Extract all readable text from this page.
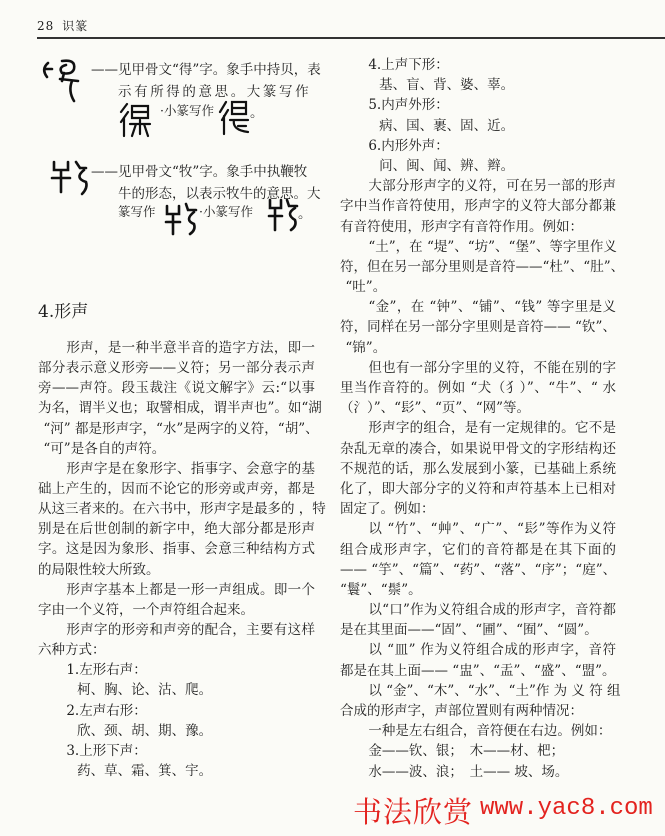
28 识篆
——见甲骨文“得”字。象手中持贝，表
示有所得的意思。大篆写作
·小篆写作	。
——见甲骨文“牧”字。象手中执鞭牧
牛的形态，以表示牧牛的意思。大
篆写作	·小篆写作	。
4.形声
形声，是一种半意半音的造字方法，即一
部分表示意义形旁——义符；另一部分表示声
旁——声符。段玉裁注《说文解字》云:“以事
为名，谓半义也；取譬相成，谓半声也”。如“湖
“河” 都是形声字，“水”是两字的义符，“胡”、
“可”是各自的声符。
形声字是在象形字、指事字、会意字的基
础上产生的，因而不论它的形旁或声旁，都是
从这三者来的。在六书中，形声字是最多的 ，特
别是在后世创制的新字中，绝大部分都是形声
字。这是因为象形、指事、会意三种结构方式
的局限性较大所致。
形声字基本上都是一形一声组成。即一个
字由一个义符，一个声符组合起来。
形声字的形旁和声旁的配合，主要有这样
六种方式：
1.左形右声：
柯、胸、论、沽、爬。
2.左声右形：
欣、颈、胡、期、豫。
3.上形下声：
药、草、霜、箕、宇。
4.上声下形：
基、盲、背、婆、辜。
5.内声外形：
病、国、裹、固、近。
6.内形外声：
问、闽、闻、辨、辫。
大部分形声字的义符，可在另一部的形声
字中当作音符使用，形声字的义符大部分都兼
有音符使用，形声字有音符作用。例如：
“土”，在 “堤”、“坊”、“堡”、等字里作义
符，但在另一部分里则是音符——“杜”、“肚”、
“吐”。
“金”，在 “钟”、“铺”、“钱” 等字里是义
符，同样在另一部分字里则是音符—— “钦”、
“锦”。
但也有一部分字里的义符，不能在别的字
里当作音符的。例如 “犬（犭）”、“牛”、“ 水
（氵）”、“髟”、“页”、“网”等。
形声字的组合，是有一定规律的。它不是
杂乱无章的凑合，如果说甲骨文的字形结构还
不规范的话，那么发展到小篆，已基础上系统
化了，即大部分字的义符和声符基本上已相对
固定了。例如：
以 “竹”、“艸”、“广”、“髟”等作为义符
组合成形声字，它们的音符都是在其下面的
—— “竽”、“篇”、“药”、“落”、“序”；“庭”、
“鬟”、“鬃”。
以“口”作为义符组合成的形声字，音符都
是在其里面——“固”、“圃”、“囿”、“圆”。
以 “皿” 作为义符组合成的形声字，音符
都是在其上面—— “盅”、“盂”、“盛”、“盟”。
以 “金”、“木”、“水”、“土”作 为 义 符 组
合成的形声字，声部位置则有两种情况：
一种是左右组合，音符便在右边。例如：
金——钦、银；　木——材、杷；
水——波、浪；　土—— 坡、场。
书法欣赏 www.yac8.com
